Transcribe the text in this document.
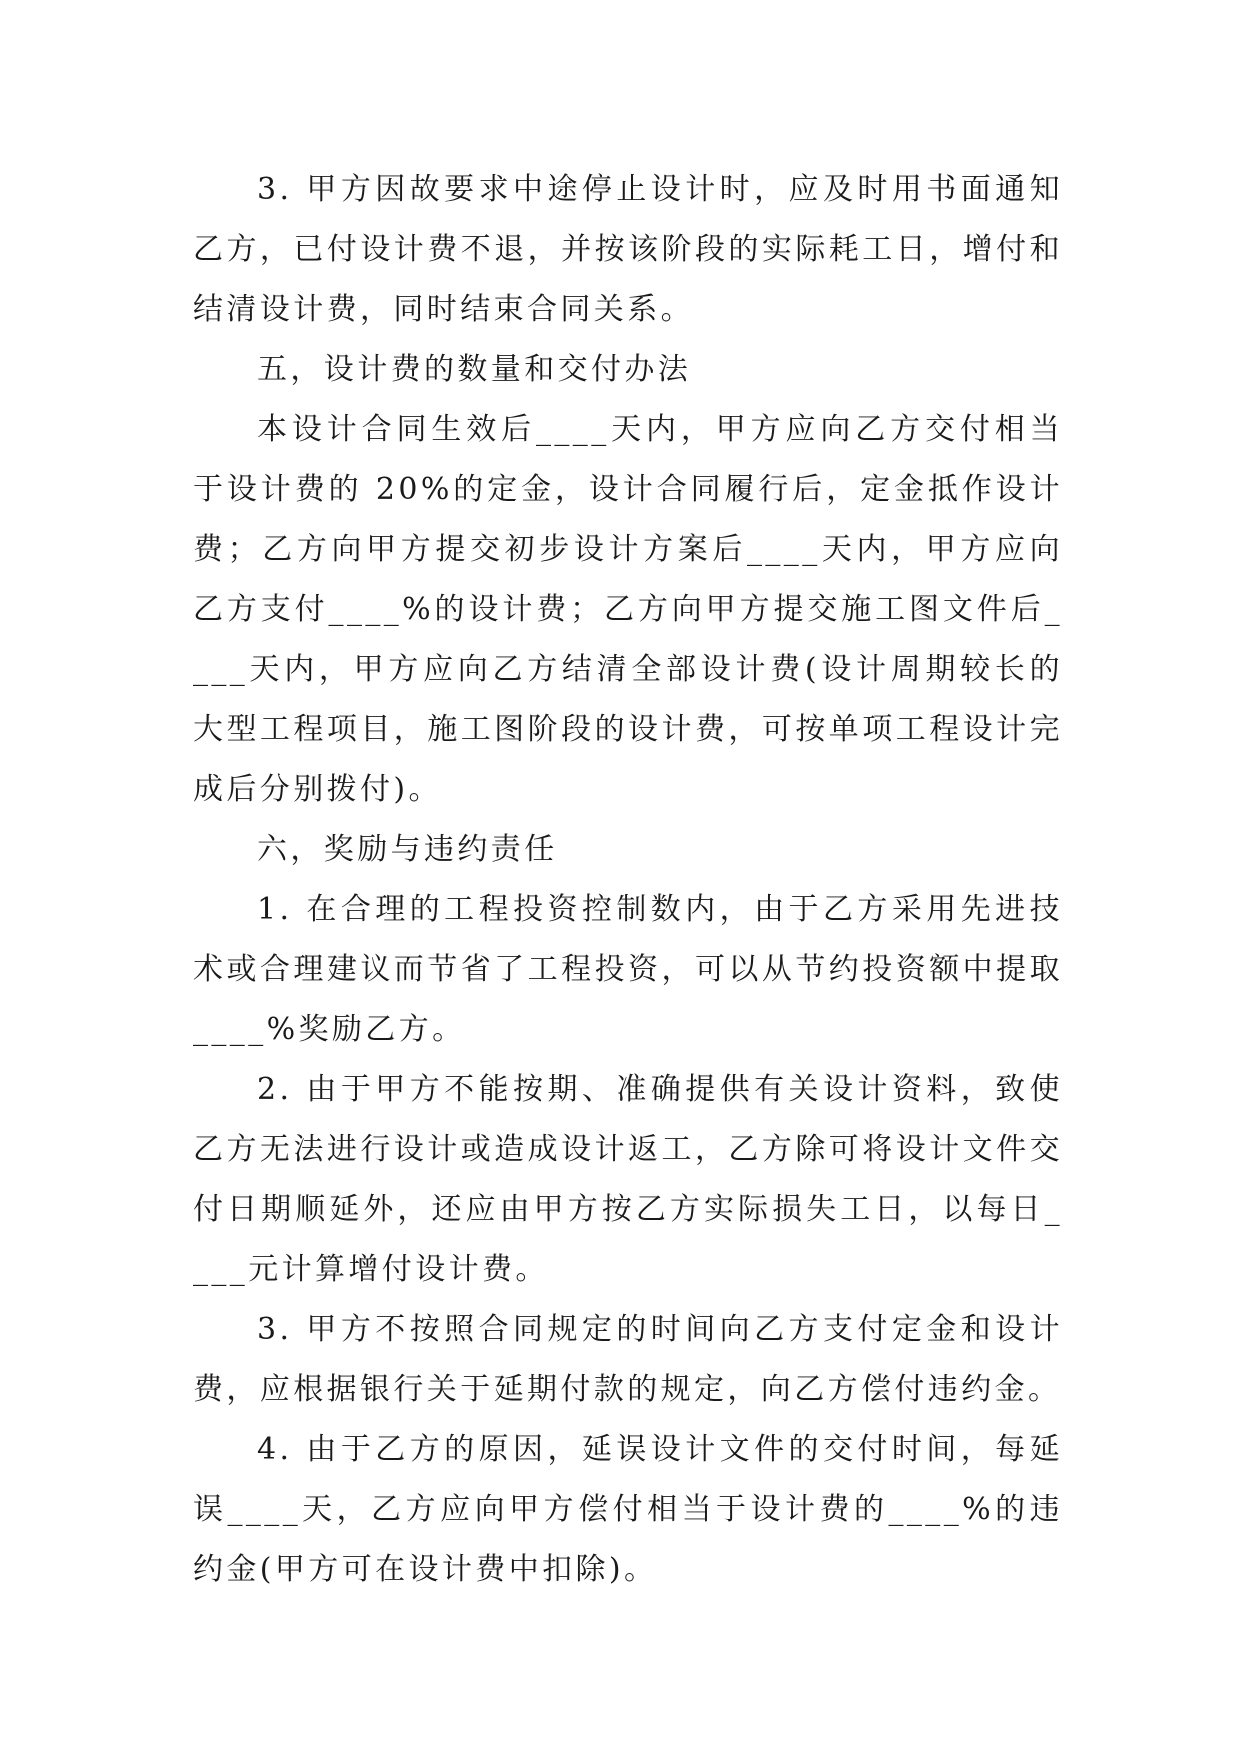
3. 甲方因故要求中途停止设计时，应及时用书面通知乙方，已付设计费不退，并按该阶段的实际耗工日，增付和结清设计费，同时结束合同关系。

五，设计费的数量和交付办法

本设计合同生效后____天内，甲方应向乙方交付相当于设计费的 20%的定金，设计合同履行后，定金抵作设计费；乙方向甲方提交初步设计方案后____天内，甲方应向乙方支付____%的设计费；乙方向甲方提交施工图文件后____天内，甲方应向乙方结清全部设计费(设计周期较长的大型工程项目，施工图阶段的设计费，可按单项工程设计完成后分别拨付)。

六，奖励与违约责任

1. 在合理的工程投资控制数内，由于乙方采用先进技术或合理建议而节省了工程投资，可以从节约投资额中提取____%奖励乙方。

2. 由于甲方不能按期、准确提供有关设计资料，致使乙方无法进行设计或造成设计返工，乙方除可将设计文件交付日期顺延外，还应由甲方按乙方实际损失工日，以每日____元计算增付设计费。

3. 甲方不按照合同规定的时间向乙方支付定金和设计费，应根据银行关于延期付款的规定，向乙方偿付违约金。

4. 由于乙方的原因，延误设计文件的交付时间，每延误____天，乙方应向甲方偿付相当于设计费的____%的违约金(甲方可在设计费中扣除)。
